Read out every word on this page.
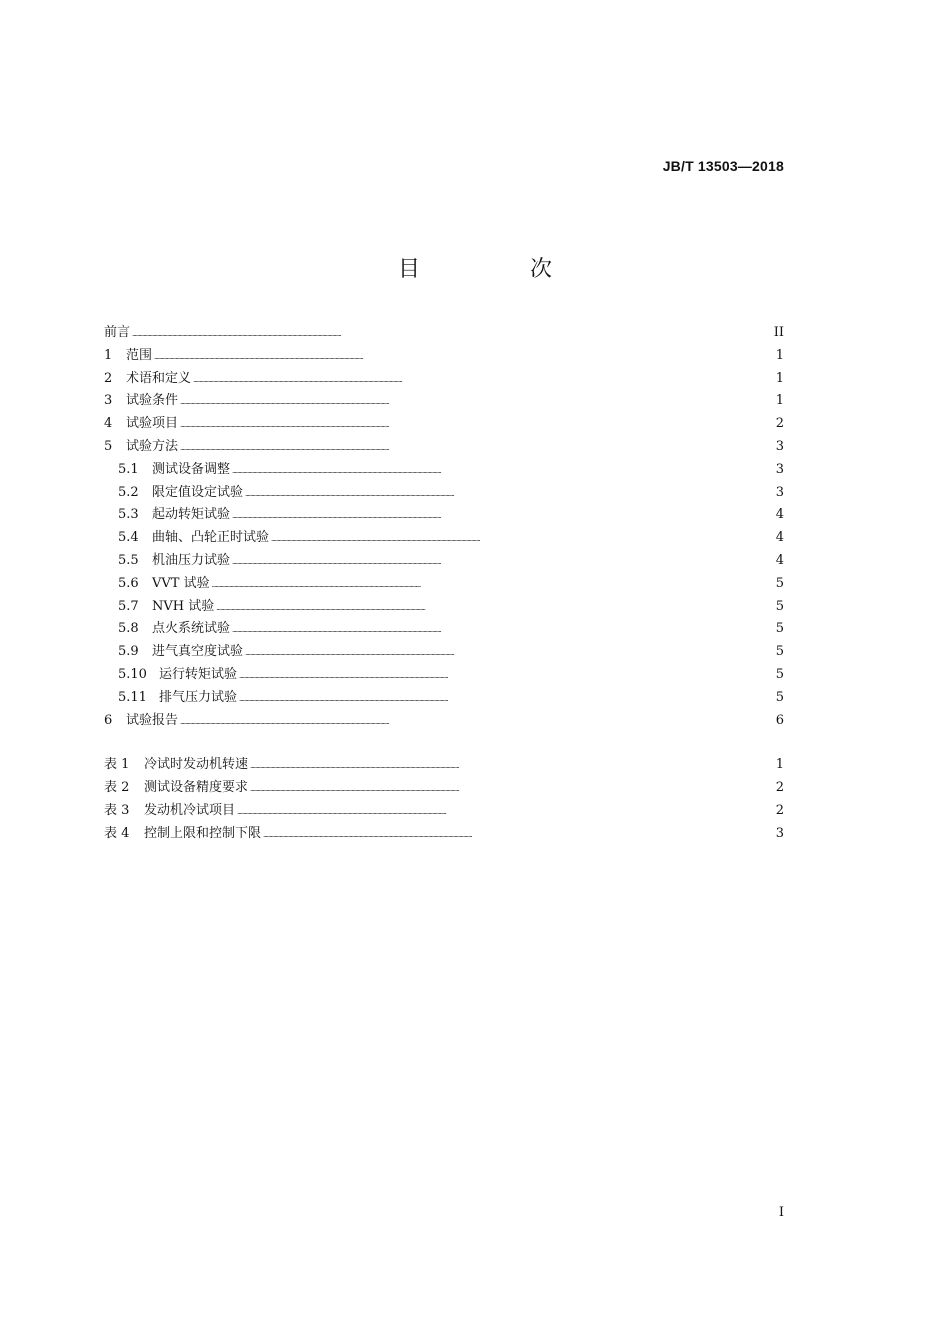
JB/T 13503—2018
目　次
前言 . . .	II
1	范围 . . .	1
2	术语和定义 . . .	1
3	试验条件 . . .	1
4	试验项目 . . .	2
5	试验方法 . . .	3
5.1	测试设备调整 . . .	3
5.2	限定值设定试验 . . .	3
5.3	起动转矩试验 . . .	4
5.4	曲轴、凸轮正时试验 . . .	4
5.5	机油压力试验 . . .	4
5.6	VVT 试验 . . .	5
5.7	NVH 试验 . . .	5
5.8	点火系统试验 . . .	5
5.9	进气真空度试验 . . .	5
5.10 运行转矩试验 . . .	5
5.11 排气压力试验 . . .	5
6	试验报告 . . .	6
表 1	冷试时发动机转速 . . .	1
表 2	测试设备精度要求 . . .	2
表 3	发动机冷试项目 . . .	2
表 4	控制上限和控制下限 . . .	3
I
